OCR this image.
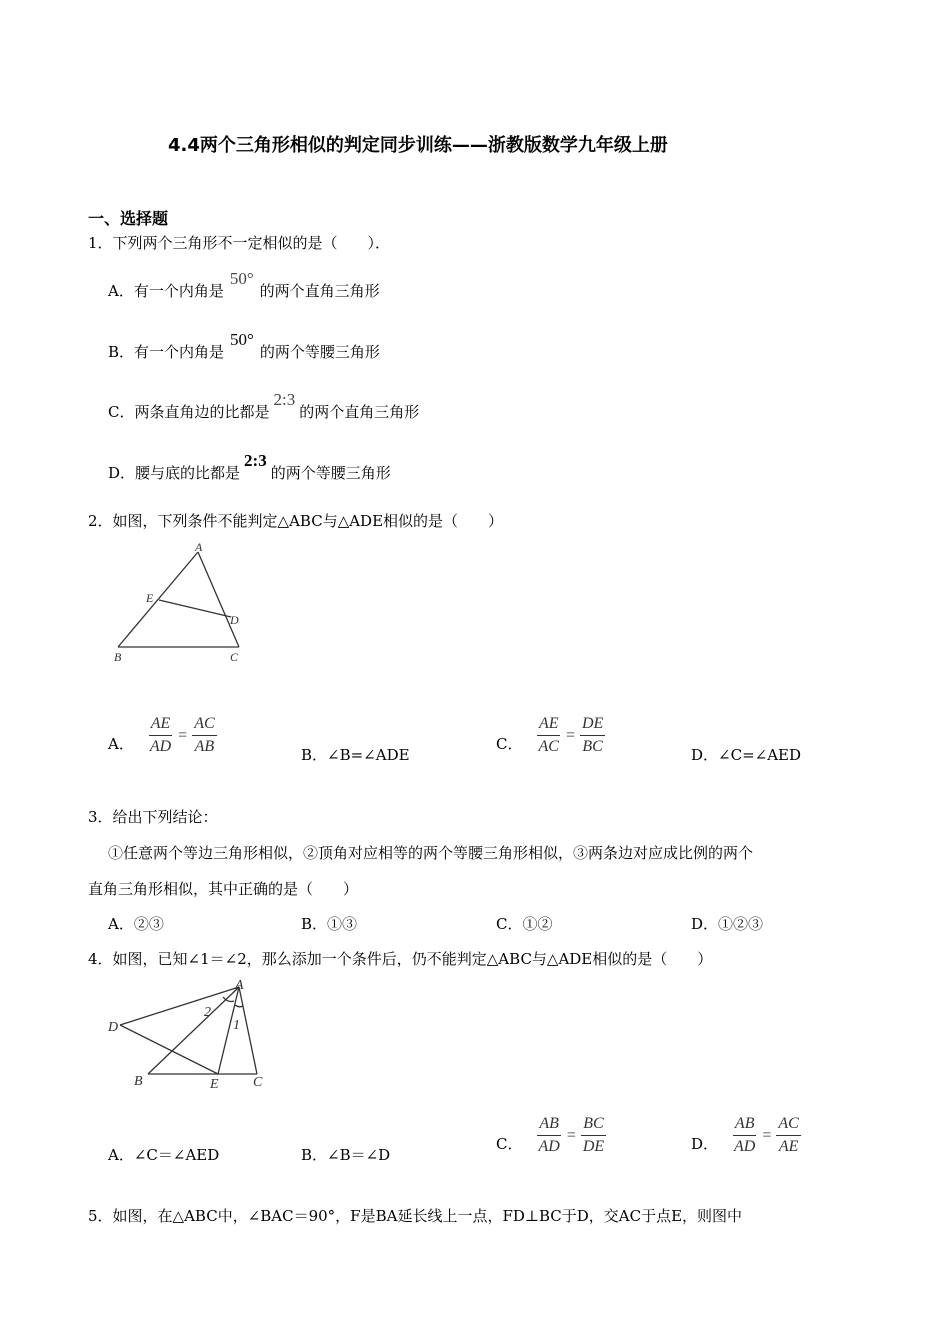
4.4两个三角形相似的判定同步训练——浙教版数学九年级上册
一、选择题
1．下列两个三角形不一定相似的是（　　）．
A．有一个内角是50°的两个直角三角形
B．有一个内角是50°的两个等腰三角形
C．两条直角边的比都是2:3的两个直角三角形
D．腰与底的比都是2:3的两个等腰三角形
2．如图，下列条件不能判定△ABC与△ADE相似的是（　　）
A
B	C
D
E
A． $\frac{AE}{AD} = \frac{AC}{AB}$	B．∠B=∠ADE
C． $\frac{AE}{AC} = \frac{DE}{BC}$	D．∠C=∠AED
3．给出下列结论：
①任意两个等边三角形相似，②顶角对应相等的两个等腰三角形相似，③两条边对应成比例的两个
直角三角形相似，其中正确的是（　　）
A．②③	B．①③	C．①②	D．①②③
4．如图，已知∠1＝∠2，那么添加一个条件后，仍不能判定△ABC与△ADE相似的是（　　）
A
D
B	E C
1
2
A．∠C＝∠AED	B．∠B＝∠D
C． $\frac{AB}{AD} = \frac{BC}{DE}$	D． $\frac{AB}{AD} = \frac{AC}{AE}$
5．如图，在△ABC中，∠BAC＝90°，F是BA延长线上一点，FD⊥BC于D，交AC于点E，则图中
